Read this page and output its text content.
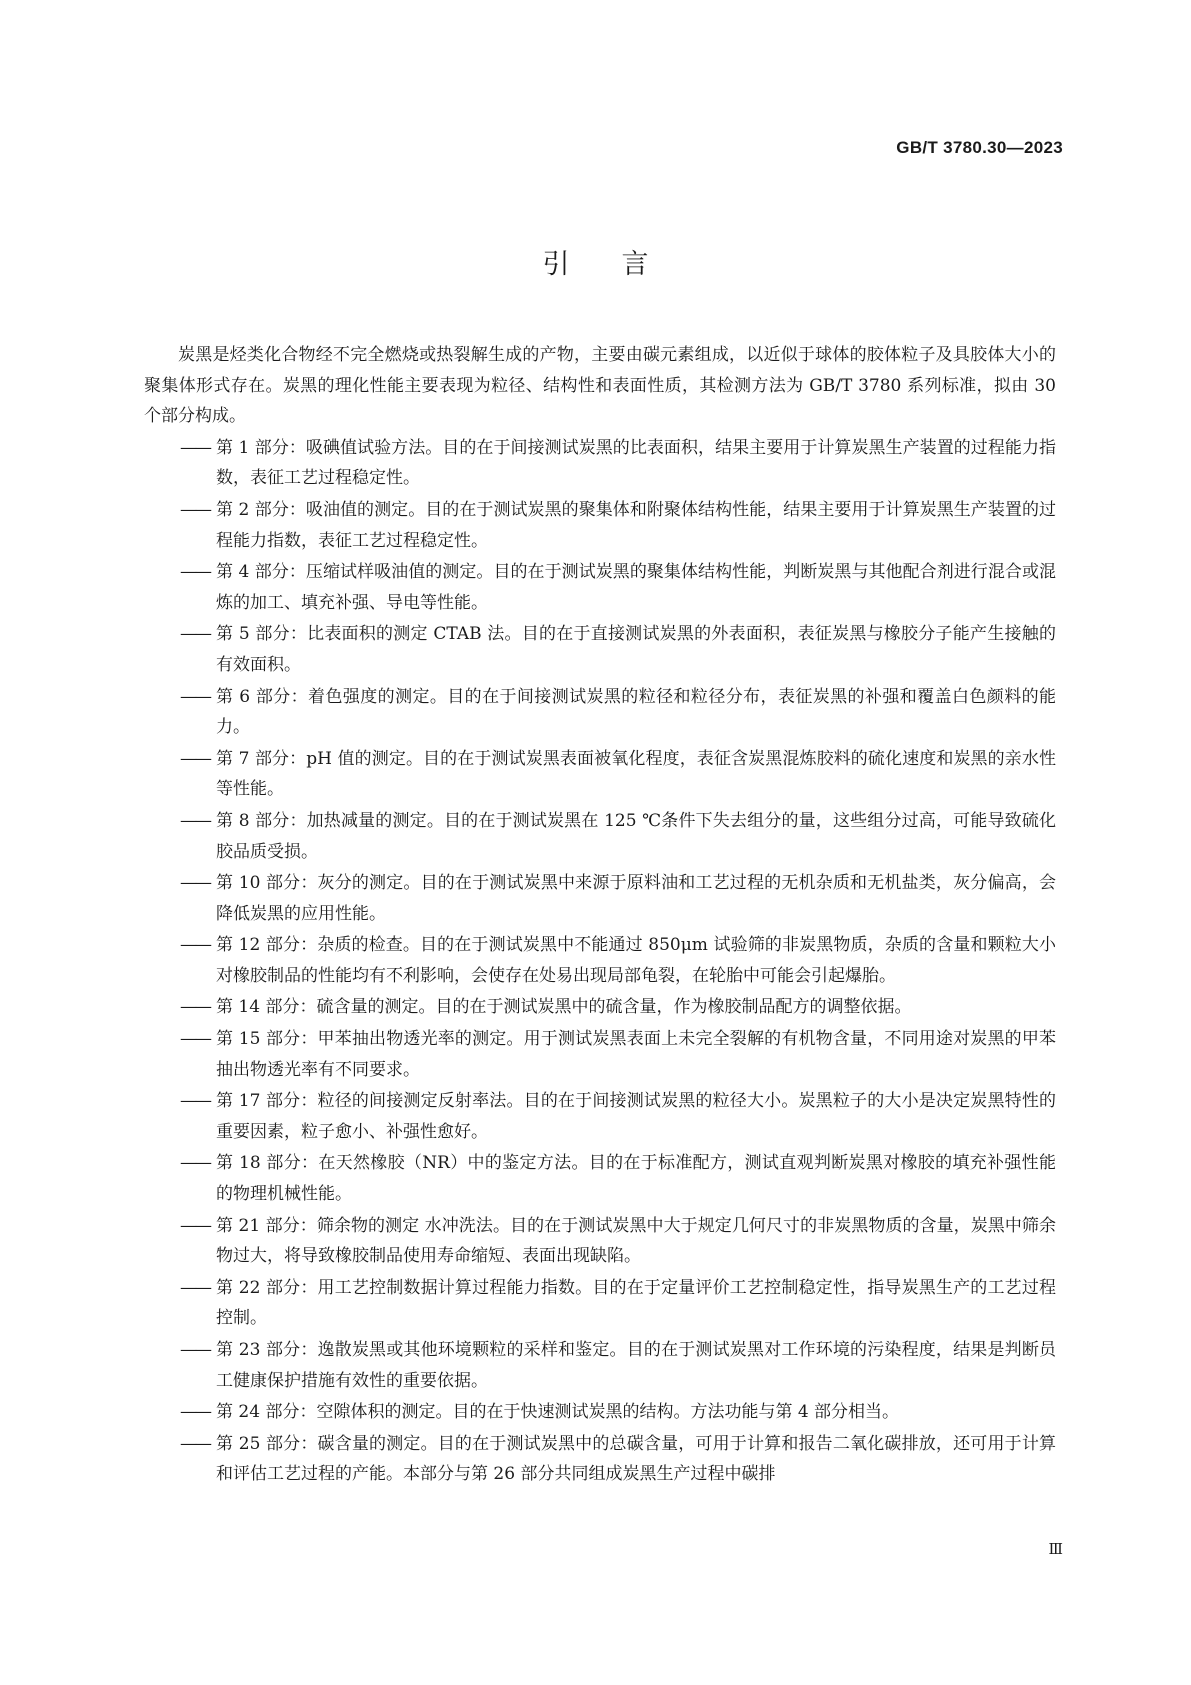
GB/T 3780.30—2023
引言

炭黑是烃类化合物经不完全燃烧或热裂解生成的产物，主要由碳元素组成，以近似于球体的胶体粒子及具胶体大小的聚集体形式存在。炭黑的理化性能主要表现为粒径、结构性和表面性质，其检测方法为 GB/T 3780 系列标准，拟由 30 个部分构成。

—— 第 1 部分：吸碘值试验方法。目的在于间接测试炭黑的比表面积，结果主要用于计算炭黑生产装置的过程能力指数，表征工艺过程稳定性。
—— 第 2 部分：吸油值的测定。目的在于测试炭黑的聚集体和附聚体结构性能，结果主要用于计算炭黑生产装置的过程能力指数，表征工艺过程稳定性。
—— 第 4 部分：压缩试样吸油值的测定。目的在于测试炭黑的聚集体结构性能，判断炭黑与其他配合剂进行混合或混炼的加工、填充补强、导电等性能。
—— 第 5 部分：比表面积的测定 CTAB 法。目的在于直接测试炭黑的外表面积，表征炭黑与橡胶分子能产生接触的有效面积。
—— 第 6 部分：着色强度的测定。目的在于间接测试炭黑的粒径和粒径分布，表征炭黑的补强和覆盖白色颜料的能力。
—— 第 7 部分：pH 值的测定。目的在于测试炭黑表面被氧化程度，表征含炭黑混炼胶料的硫化速度和炭黑的亲水性等性能。
—— 第 8 部分：加热减量的测定。目的在于测试炭黑在 125 ℃条件下失去组分的量，这些组分过高，可能导致硫化胶品质受损。
—— 第 10 部分：灰分的测定。目的在于测试炭黑中来源于原料油和工艺过程的无机杂质和无机盐类，灰分偏高，会降低炭黑的应用性能。
—— 第 12 部分：杂质的检查。目的在于测试炭黑中不能通过 850μm 试验筛的非炭黑物质，杂质的含量和颗粒大小对橡胶制品的性能均有不利影响，会使存在处易出现局部龟裂，在轮胎中可能会引起爆胎。
—— 第 14 部分：硫含量的测定。目的在于测试炭黑中的硫含量，作为橡胶制品配方的调整依据。
—— 第 15 部分：甲苯抽出物透光率的测定。用于测试炭黑表面上未完全裂解的有机物含量，不同用途对炭黑的甲苯抽出物透光率有不同要求。
—— 第 17 部分：粒径的间接测定反射率法。目的在于间接测试炭黑的粒径大小。炭黑粒子的大小是决定炭黑特性的重要因素，粒子愈小、补强性愈好。
—— 第 18 部分：在天然橡胶（NR）中的鉴定方法。目的在于标准配方，测试直观判断炭黑对橡胶的填充补强性能的物理机械性能。
—— 第 21 部分：筛余物的测定 水冲洗法。目的在于测试炭黑中大于规定几何尺寸的非炭黑物质的含量，炭黑中筛余物过大，将导致橡胶制品使用寿命缩短、表面出现缺陷。
—— 第 22 部分：用工艺控制数据计算过程能力指数。目的在于定量评价工艺控制稳定性，指导炭黑生产的工艺过程控制。
—— 第 23 部分：逸散炭黑或其他环境颗粒的采样和鉴定。目的在于测试炭黑对工作环境的污染程度，结果是判断员工健康保护措施有效性的重要依据。
—— 第 24 部分：空隙体积的测定。目的在于快速测试炭黑的结构。方法功能与第 4 部分相当。
—— 第 25 部分：碳含量的测定。目的在于测试炭黑中的总碳含量，可用于计算和报告二氧化碳排放，还可用于计算和评估工艺过程的产能。本部分与第 26 部分共同组成炭黑生产过程中碳排
Ⅲ
